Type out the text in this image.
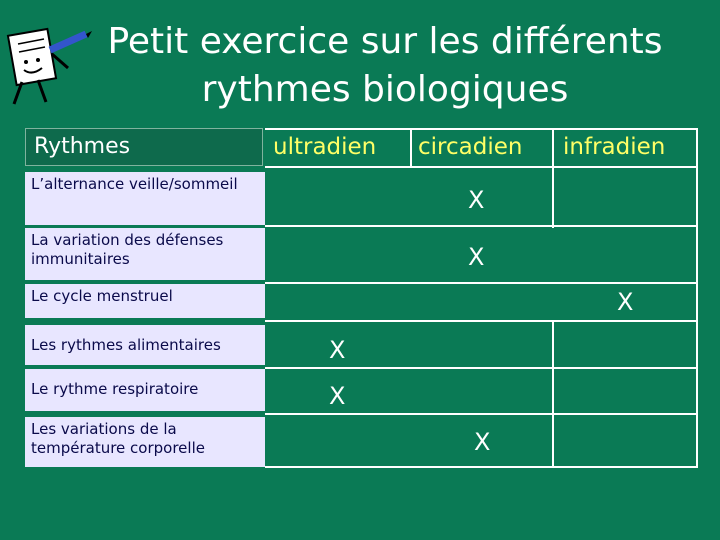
Petit exercice sur les différents
rythmes biologiques
Rythmes	ultradien circadien infradien
L’alternance veille/sommeil
La variation des défenses immunitaires
Le cycle menstruel
Les rythmes alimentaires
Le rythme respiratoire
Les variations de la température corporelle
X
X
X
X
X
X
